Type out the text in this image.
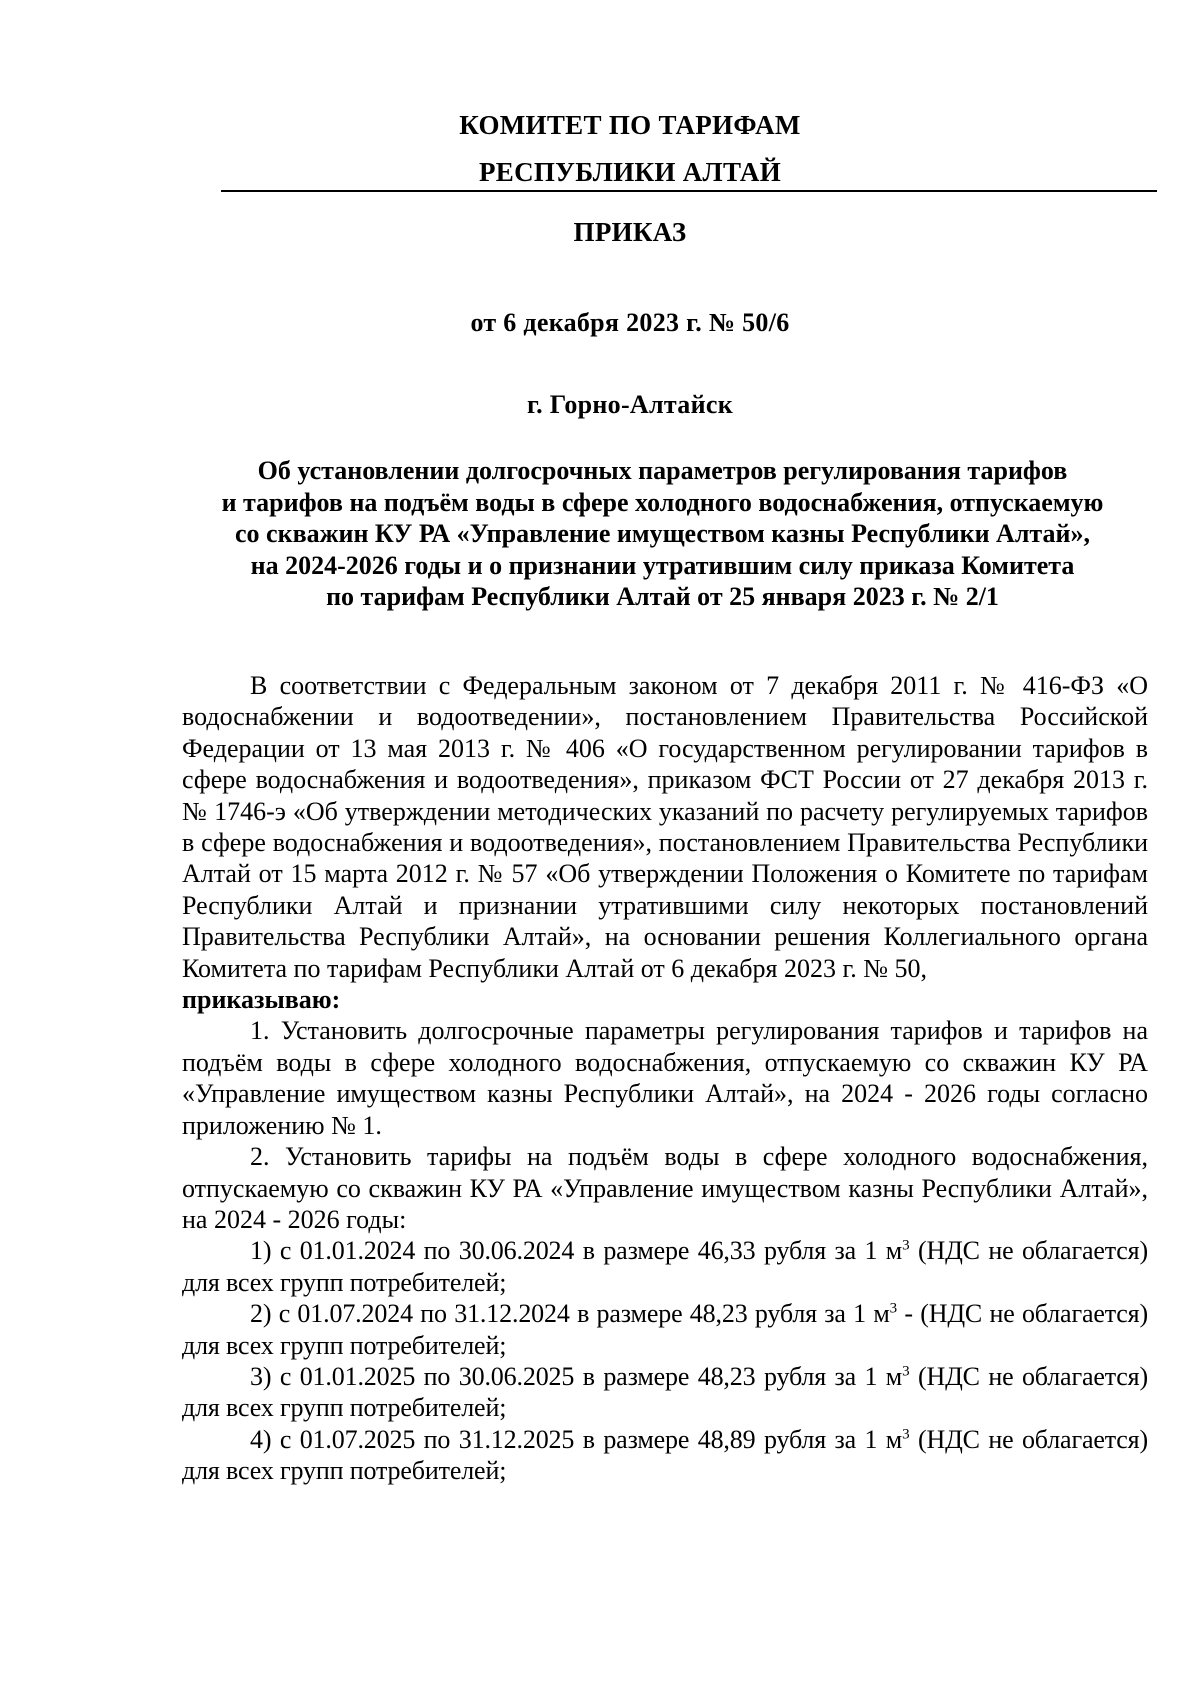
КОМИТЕТ ПО ТАРИФАМ
РЕСПУБЛИКИ АЛТАЙ
ПРИКАЗ
от 6 декабря 2023 г. № 50/6
г. Горно-Алтайск
Об установлении долгосрочных параметров регулирования тарифов
и тарифов на подъём воды в сфере холодного водоснабжения, отпускаемую
со скважин КУ РА «Управление имуществом казны Республики Алтай»,
на 2024-2026 годы и о признании утратившим силу приказа Комитета
по тарифам Республики Алтай от 25 января 2023 г. № 2/1

В соответствии с Федеральным законом от 7 декабря 2011 г. № 416-ФЗ «О водоснабжении и водоотведении», постановлением Правительства Российской Федерации от 13 мая 2013 г. № 406 «О государственном регулировании тарифов в сфере водоснабжения и водоотведения», приказом ФСТ России от 27 декабря 2013 г. № 1746-э «Об утверждении методических указаний по расчету регулируемых тарифов в сфере водоснабжения и водоотведения», постановлением Правительства Республики Алтай от 15 марта 2012 г. № 57 «Об утверждении Положения о Комитете по тарифам Республики Алтай и признании утратившими силу некоторых постановлений Правительства Республики Алтай», на основании решения Коллегиального органа Комитета по тарифам Республики Алтай от 6 декабря 2023 г. № 50,
приказываю:

1. Установить долгосрочные параметры регулирования тарифов и тарифов на подъём воды в сфере холодного водоснабжения, отпускаемую со скважин КУ РА «Управление имуществом казны Республики Алтай», на 2024 - 2026 годы согласно приложению № 1.

2. Установить тарифы на подъём воды в сфере холодного водоснабжения, отпускаемую со скважин КУ РА «Управление имуществом казны Республики Алтай», на 2024 - 2026 годы:

1) с 01.01.2024 по 30.06.2024 в размере 46,33 рубля за 1 $м^3$ (НДС не облагается) для всех групп потребителей;

2) с 01.07.2024 по 31.12.2024 в размере 48,23 рубля за 1 $м^3 - (НДС$ не облагается) для всех групп потребителей;

3) с 01.01.2025 по 30.06.2025 в размере 48,23 рубля за 1 $м^3$ (НДС не облагается) для всех групп потребителей;

4) с 01.07.2025 по 31.12.2025 в размере 48,89 рубля за 1 $м^3$ (НДС не облагается) для всех групп потребителей;
